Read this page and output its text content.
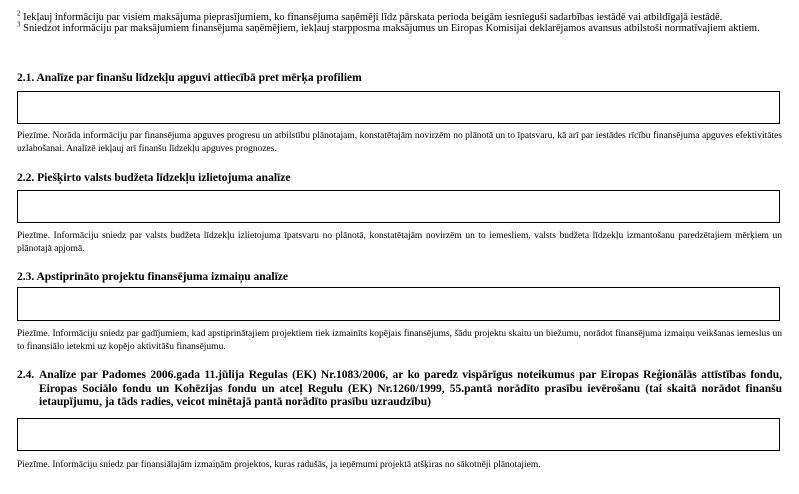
$^2$ Iekļauj informāciju par visiem maksājuma pieprasījumiem, ko finansējuma saņēmēji līdz pārskata perioda beigām iesnieguši sadarbības iestādē vai atbildīgajā iestādē.
$^3$ Sniedzot informāciju par maksājumiem finansējuma saņēmējiem, iekļauj starpposma maksājumus un Eiropas Komisijai deklarējamos avansus atbilstoši normatīvajiem aktiem.
2.1. Analīze par finanšu līdzekļu apguvi attiecībā pret mērķa profiliem
Piezīme. Norāda informāciju par finansējuma apguves progresu un atbilstību plānotajam, konstatētajām novirzēm no plānotā un to īpatsvaru, kā arī par iestādes rīcību finansējuma apguves efektivitātes uzlabošanai. Analīzē iekļauj arī finanšu līdzekļu apguves prognozes.
2.2. Piešķirto valsts budžeta līdzekļu izlietojuma analīze
Piezīme. Informāciju sniedz par valsts budžeta līdzekļu izlietojuma īpatsvaru no plānotā, konstatētajām novirzēm un to iemesliem, valsts budžeta līdzekļu izmantošanu paredzētajiem mērķiem un plānotajā apjomā.
2.3. Apstiprināto projektu finansējuma izmaiņu analīze
Piezīme. Informāciju sniedz par gadījumiem, kad apstiprinātajiem projektiem tiek izmainīts kopējais finansējums, šādu projektu skaitu un biežumu, norādot finansējuma izmaiņu veikšanas iemeslus un to finansiālo ietekmi uz kopējo aktivitāšu finansējumu.
2.4. Analīze par Padomes 2006.gada 11.jūlija Regulas (EK) Nr.1083/2006, ar ko paredz vispārīgus noteikumus par Eiropas Reģionālās attīstības fondu, Eiropas Sociālo fondu un Kohēzijas fondu un atceļ Regulu (EK) Nr.1260/1999, 55.pantā norādīto prasību ievērošanu (tai skaitā norādot finanšu ietaupījumu, ja tāds radies, veicot minētajā pantā norādīto prasību uzraudzību)
Piezīme. Informāciju sniedz par finansiālajām izmaiņām projektos, kuras radušās, ja ieņēmumi projektā atšķiras no sākotnēji plānotajiem.
